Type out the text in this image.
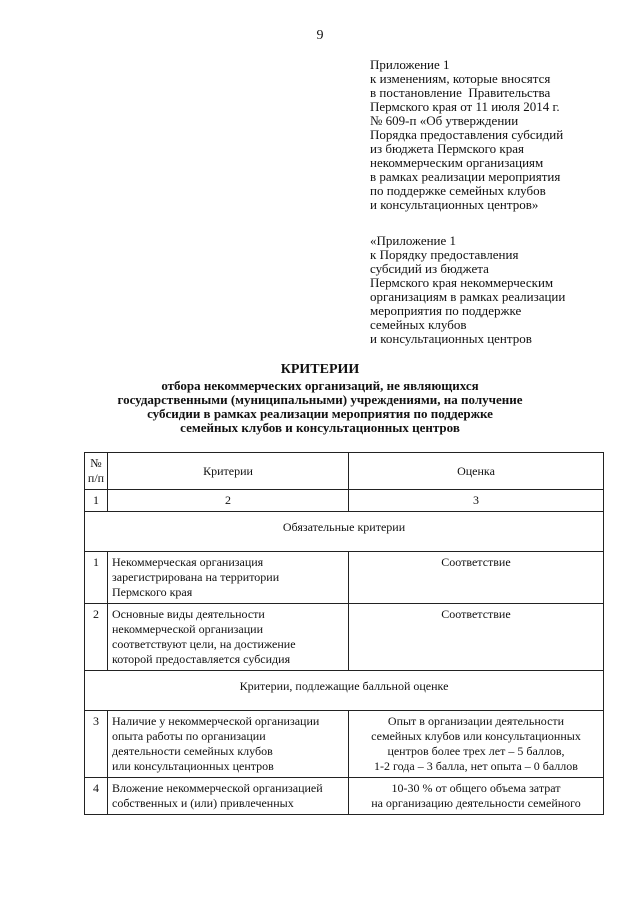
9
Приложение 1
к изменениям, которые вносятся
в постановление  Правительства
Пермского края от 11 июля 2014 г.
№ 609-п «Об утверждении
Порядка предоставления субсидий
из бюджета Пермского края
некоммерческим организациям
в рамках реализации мероприятия
по поддержке семейных клубов
и консультационных центров»
«Приложение 1
к Порядку предоставления
субсидий из бюджета
Пермского края некоммерческим
организациям в рамках реализации
мероприятия по поддержке
семейных клубов
и консультационных центров
КРИТЕРИИ
отбора некоммерческих организаций, не являющихся
государственными (муниципальными) учреждениями, на получение
субсидии в рамках реализации мероприятия по поддержке
семейных клубов и консультационных центров
№
п/п	Критерии	Оценка
1	2	3
Обязательные критерии		
1	Некоммерческая организация
зарегистрирована на территории
Пермского края	Соответствие
2	Основные виды деятельности
некоммерческой организации
соответствуют цели, на достижение
которой предоставляется субсидия	Соответствие
Критерии, подлежащие балльной оценке		
3	Наличие у некоммерческой организации
опыта работы по организации
деятельности семейных клубов
или консультационных центров	Опыт в организации деятельности
семейных клубов или консультационных
центров более трех лет – 5 баллов,
1-2 года – 3 балла, нет опыта – 0 баллов
4	Вложение некоммерческой организацией
собственных и (или) привлеченных	10-30 % от общего объема затрат
на организацию деятельности семейного
